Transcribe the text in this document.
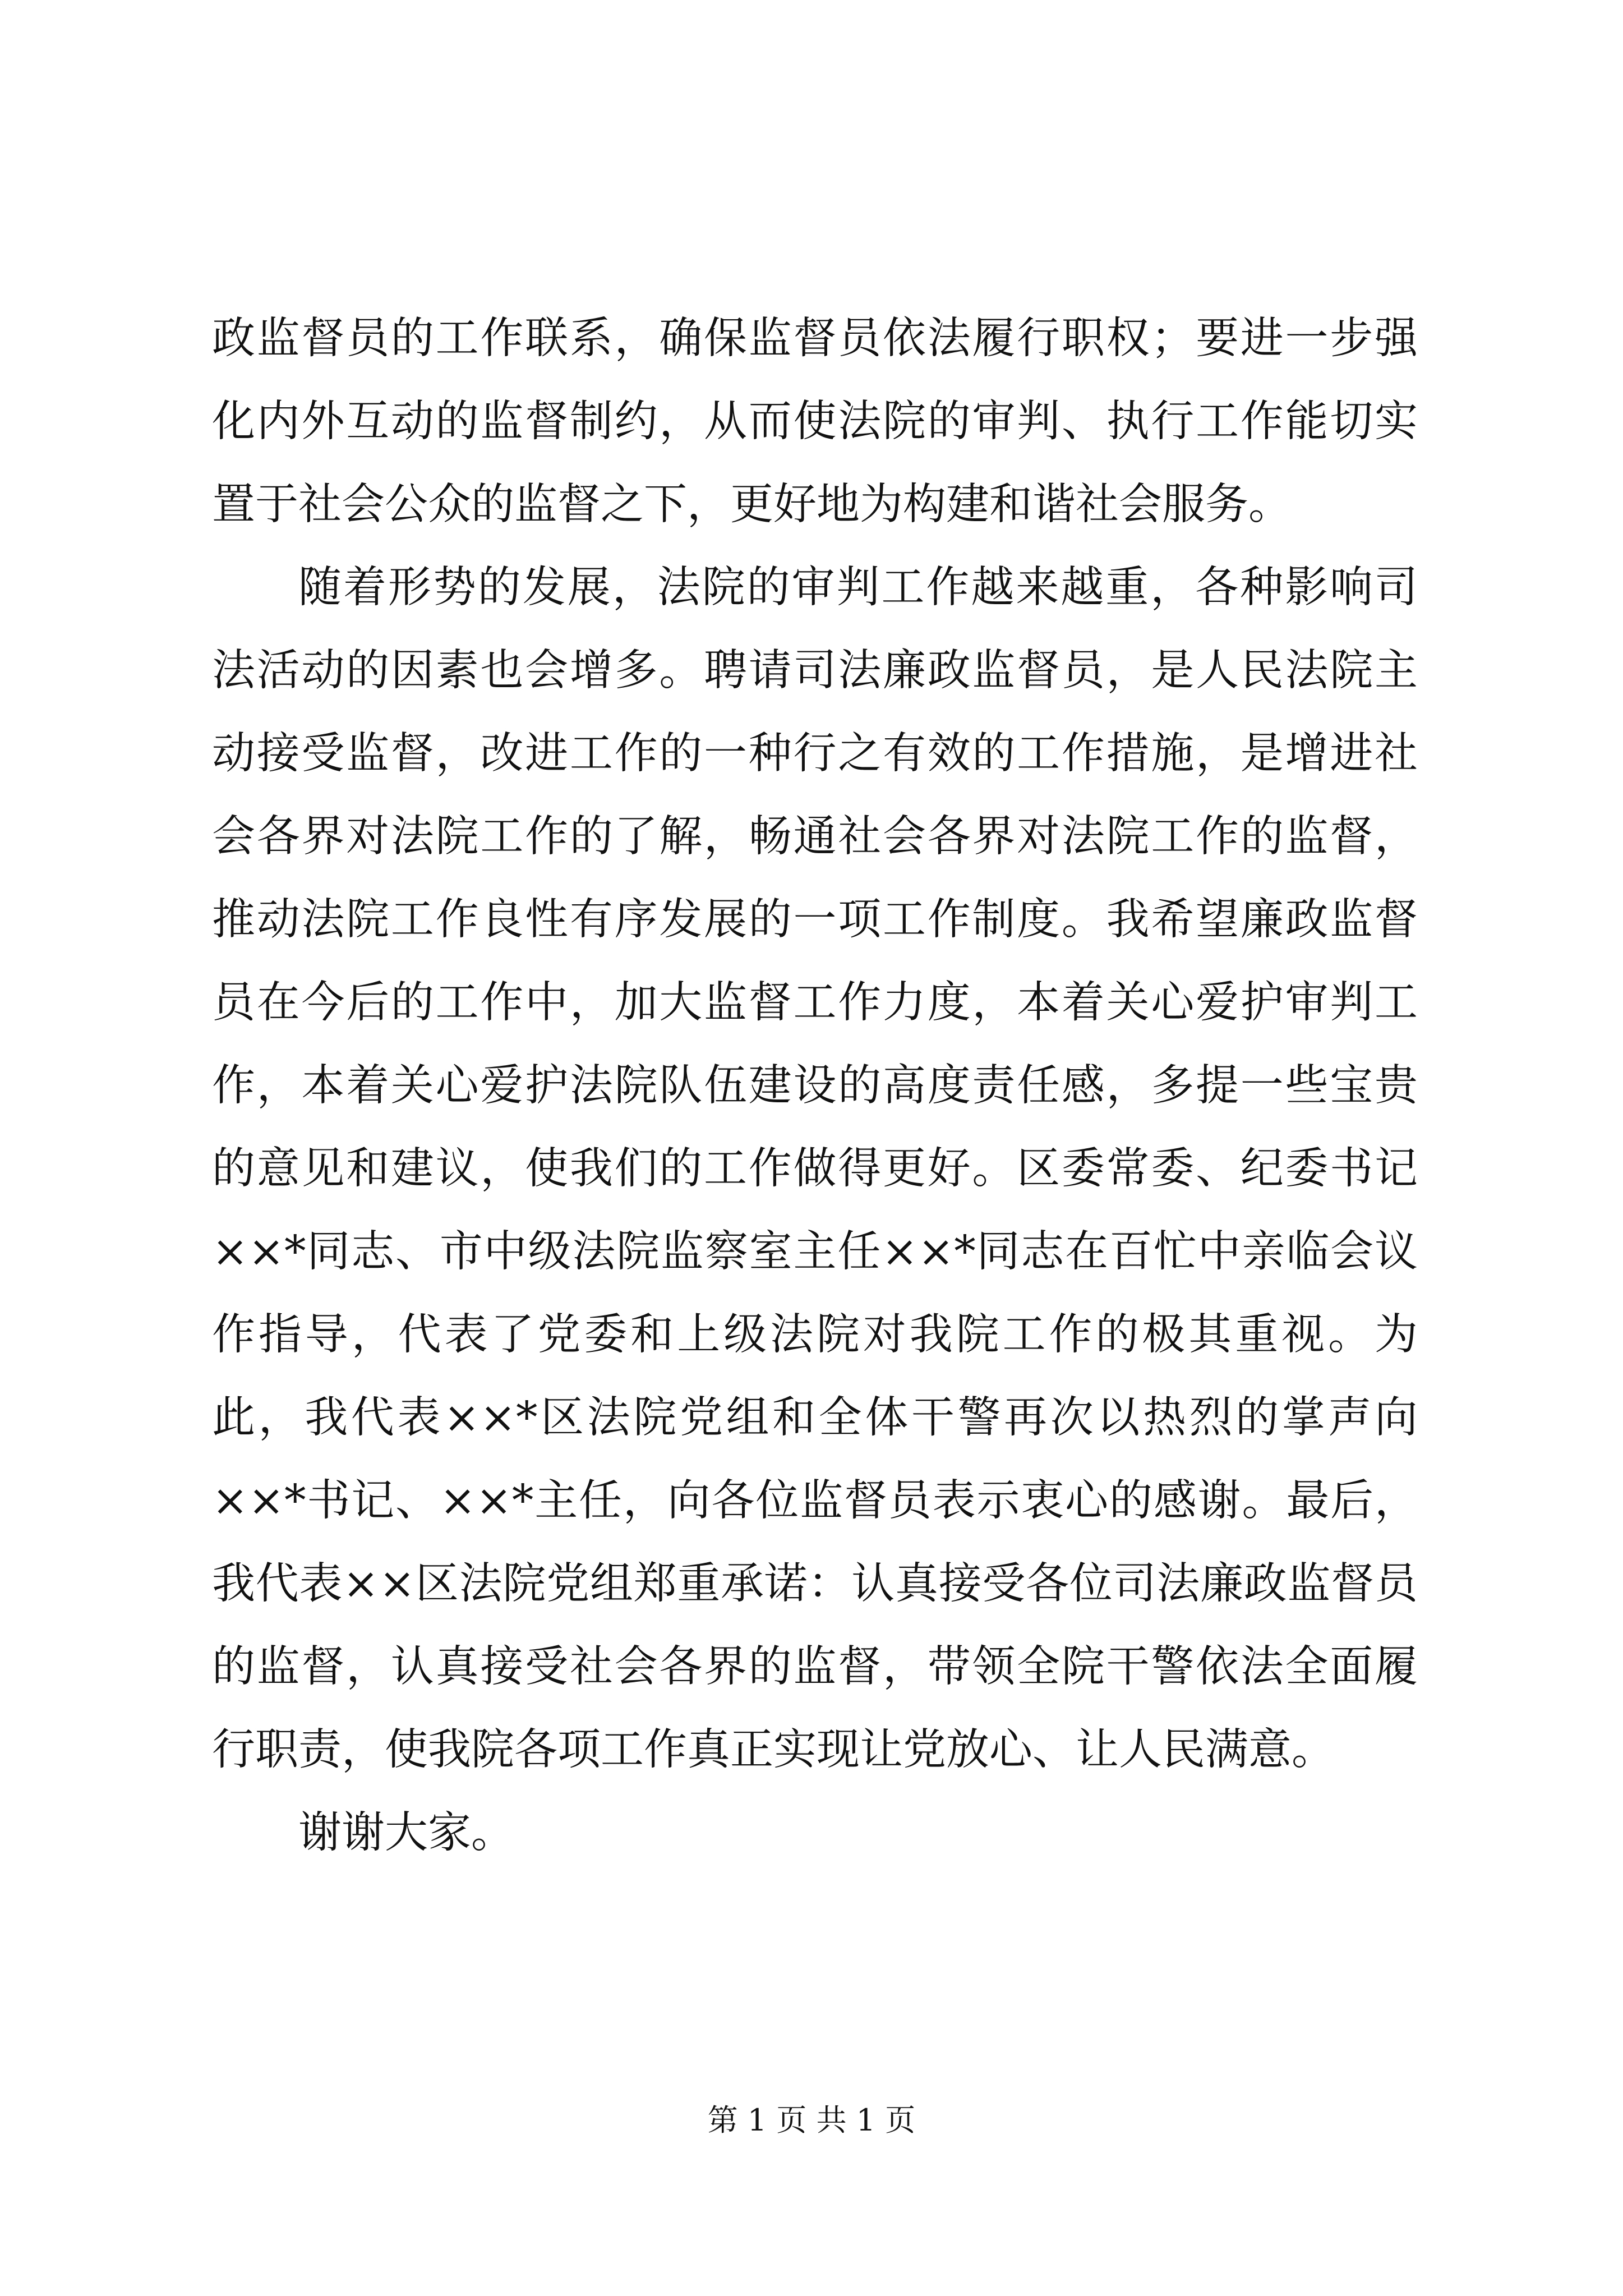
政监督员的工作联系，确保监督员依法履行职权；要进一步强化内外互动的监督制约，从而使法院的审判、执行工作能切实置于社会公众的监督之下，更好地为构建和谐社会服务。

随着形势的发展，法院的审判工作越来越重，各种影响司法活动的因素也会增多。聘请司法廉政监督员，是人民法院主动接受监督，改进工作的一种行之有效的工作措施，是增进社会各界对法院工作的了解，畅通社会各界对法院工作的监督，推动法院工作良性有序发展的一项工作制度。我希望廉政监督员在今后的工作中，加大监督工作力度，本着关心爱护审判工作，本着关心爱护法院队伍建设的高度责任感，多提一些宝贵的意见和建议，使我们的工作做得更好。区委常委、纪委书记××*同志、市中级法院监察室主任××*同志在百忙中亲临会议作指导，代表了党委和上级法院对我院工作的极其重视。为此，我代表××*区法院党组和全体干警再次以热烈的掌声向××*书记、××*主任，向各位监督员表示衷心的感谢。最后，我代表××区法院党组郑重承诺：认真接受各位司法廉政监督员的监督，认真接受社会各界的监督，带领全院干警依法全面履行职责，使我院各项工作真正实现让党放心、让人民满意。

谢谢大家。

第 1 页 共 1 页
